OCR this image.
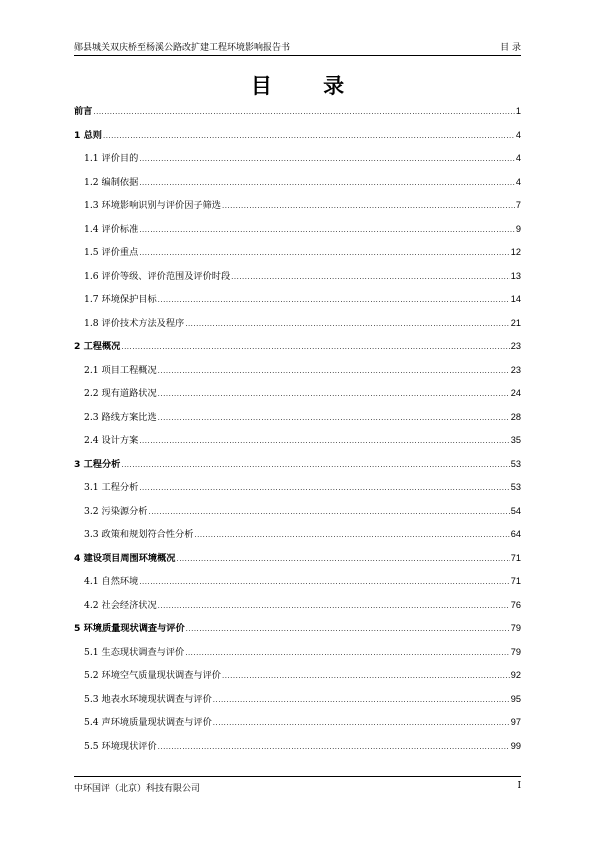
郧县城关双庆桥至杨溪公路改扩建工程环境影响报告书	目 录
目 录
前言 .....	1
1 总则 .....	4
1.1 评价目的 .....	4
1.2 编制依据 .....	4
1.3 环境影响识别与评价因子筛选 .....	7
1.4 评价标准 .....	9
1.5 评价重点 .....	12
1.6 评价等级、评价范围及评价时段 .....	13
1.7 环境保护目标 .....	14
1.8 评价技术方法及程序 .....	21
2 工程概况 .....	23
2.1 项目工程概况 .....	23
2.2 现有道路状况 .....	24
2.3 路线方案比选 .....	28
2.4 设计方案 .....	35
3 工程分析 .....	53
3.1 工程分析 .....	53
3.2 污染源分析 .....	54
3.3 政策和规划符合性分析 .....	64
4 建设项目周围环境概况 .....	71
4.1 自然环境 .....	71
4.2 社会经济状况 .....	76
5 环境质量现状调查与评价 .....	79
5.1 生态现状调查与评价 .....	79
5.2 环境空气质量现状调查与评价 .....	92
5.3 地表水环境现状调查与评价 .....	95
5.4 声环境质量现状调查与评价 .....	97
5.5 环境现状评价 .....	99
中环国评（北京）科技有限公司	I
